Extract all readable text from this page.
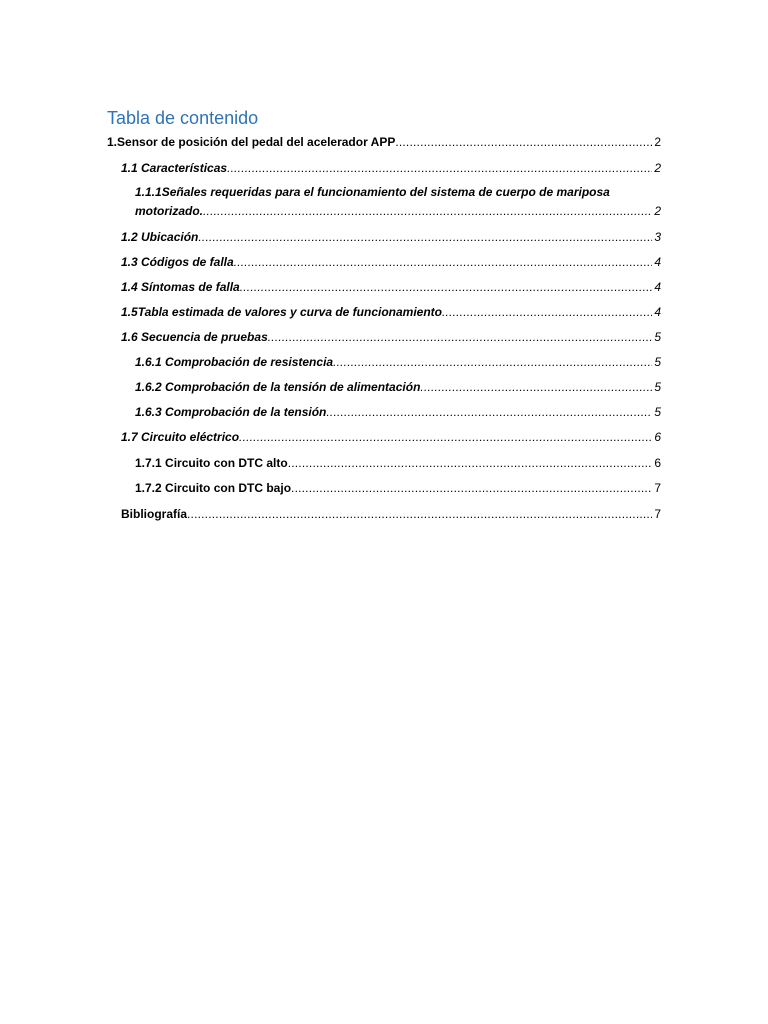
Tabla de contenido
1. Sensor de posición del pedal del acelerador APP .....	2
1.1 Características .....	2
1.1.1Señales requeridas para el funcionamiento del sistema de cuerpo de mariposa
motorizado. .....	2
1.2 Ubicación .....	3
1.3 Códigos de falla .....	4
1.4 Síntomas de falla .....	4
1.5 Tabla estimada de valores y curva de funcionamiento .....	4
1.6 Secuencia de pruebas .....	5
1.6.1 Comprobación de resistencia .....	5
1.6.2 Comprobación de la tensión de alimentación .....	5
1.6.3 Comprobación de la tensión .....	5
1.7 Circuito eléctrico .....	6
1.7.1 Circuito con DTC alto .....	6
1.7.2 Circuito con DTC bajo .....	7
Bibliografía .....	7
